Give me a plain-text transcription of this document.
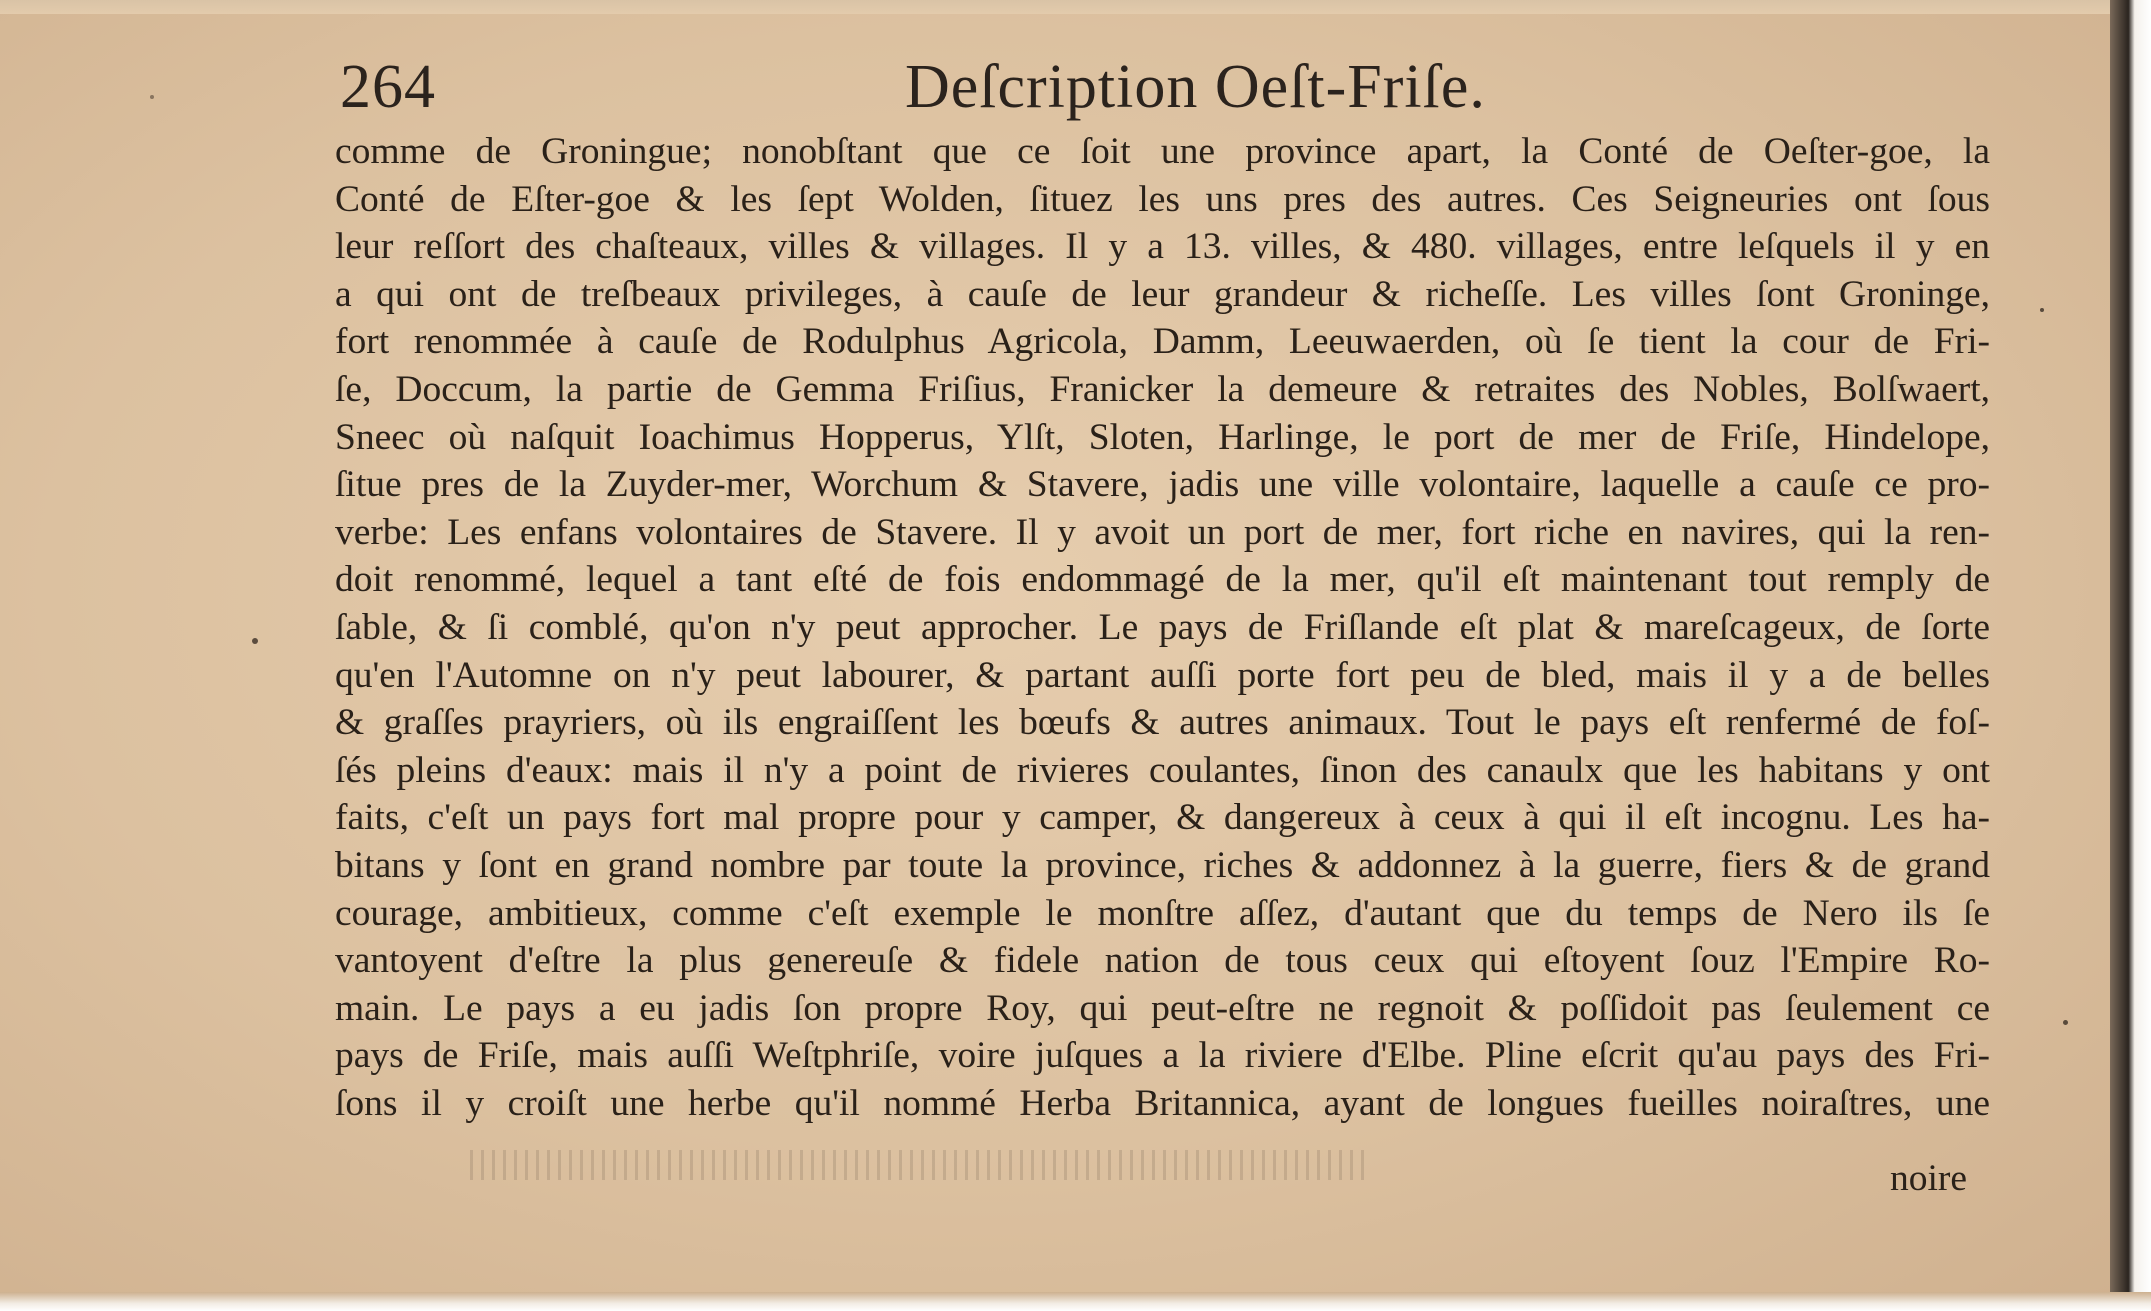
264	Deſcription Oeſt-Friſe.
comme de Groningue; nonobſtant que ce ſoit une province apart, la Conté de Oeſter-goe, la
Conté de Eſter-goe & les ſept Wolden, ſituez les uns pres des autres. Ces Seigneuries ont ſous
leur reſſort des chaſteaux, villes & villages. Il y a 13. villes, & 480. villages, entre leſquels il y en
a qui ont de treſbeaux privileges, à cauſe de leur grandeur & richeſſe. Les villes ſont Groninge,
fort renommée à cauſe de Rodulphus Agricola, Damm, Leeuwaerden, où ſe tient la cour de Fri-
ſe, Doccum, la partie de Gemma Friſius, Franicker la demeure & retraites des Nobles, Bolſwaert,
Sneec où naſquit Ioachimus Hopperus, Ylſt, Sloten, Harlinge, le port de mer de Friſe, Hindelope,
ſitue pres de la Zuyder-mer, Worchum & Stavere, jadis une ville volontaire, laquelle a cauſe ce pro-
verbe: Les enfans volontaires de Stavere. Il y avoit un port de mer, fort riche en navires, qui la ren-
doit renommé, lequel a tant eſté de fois endommagé de la mer, qu'il eſt maintenant tout remply de
ſable, & ſi comblé, qu'on n'y peut approcher. Le pays de Friſlande eſt plat & mareſcageux, de ſorte
qu'en l'Automne on n'y peut labourer, & partant auſſi porte fort peu de bled, mais il y a de belles
& graſſes prayriers, où ils engraiſſent les bœufs & autres animaux. Tout le pays eſt renfermé de foſ-
ſés pleins d'eaux: mais il n'y a point de rivieres coulantes, ſinon des canaulx que les habitans y ont
faits, c'eſt un pays fort mal propre pour y camper, & dangereux à ceux à qui il eſt incognu. Les ha-
bitans y ſont en grand nombre par toute la province, riches & addonnez à la guerre, fiers & de grand
courage, ambitieux, comme c'eſt exemple le monſtre aſſez, d'autant que du temps de Nero ils ſe
vantoyent d'eſtre la plus genereuſe & fidele nation de tous ceux qui eſtoyent ſouz l'Empire Ro-
main. Le pays a eu jadis ſon propre Roy, qui peut-eſtre ne regnoit & poſſidoit pas ſeulement ce
pays de Friſe, mais auſſi Weſtphriſe, voire juſques a la riviere d'Elbe. Pline eſcrit qu'au pays des Fri-
ſons il y croiſt une herbe qu'il nommé Herba Britannica, ayant de longues fueilles noiraſtres, une
noire
